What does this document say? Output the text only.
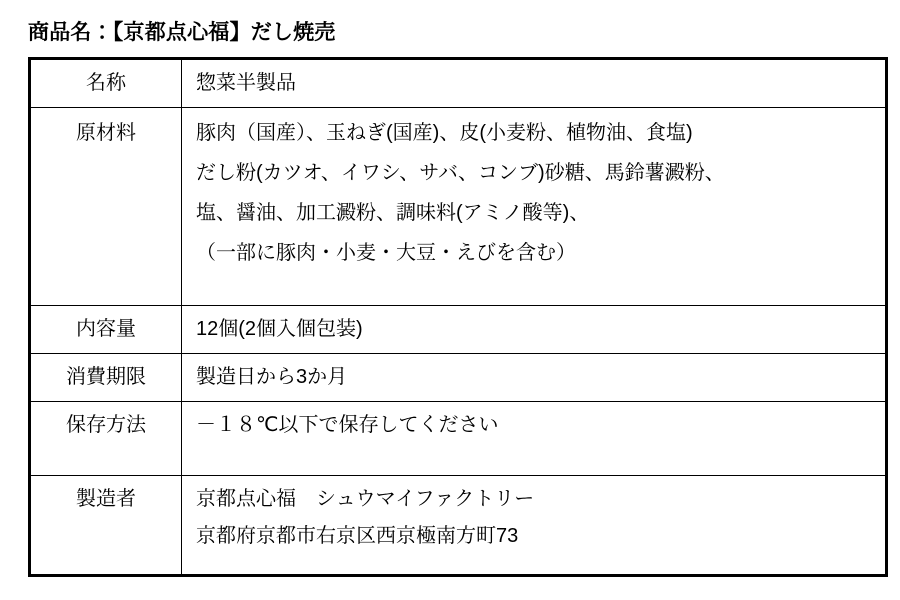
商品名：【京都点心福】だし焼売
名称	惣菜半製品

原材料	豚肉（国産）、玉ねぎ(国産)、皮(小麦粉、植物油、食塩)
だし粉(カツオ、イワシ、サバ、コンブ)砂糖、馬鈴薯澱粉、
塩、醤油、加工澱粉、調味料(アミノ酸等)、
（一部に豚肉・小麦・大豆・えびを含む）

内容量	12個(2個入個包装)

消費期限	製造日から3か月

保存方法	－１８℃以下で保存してください

製造者	京都点心福　シュウマイファクトリー
京都府京都市右京区西京極南方町73
